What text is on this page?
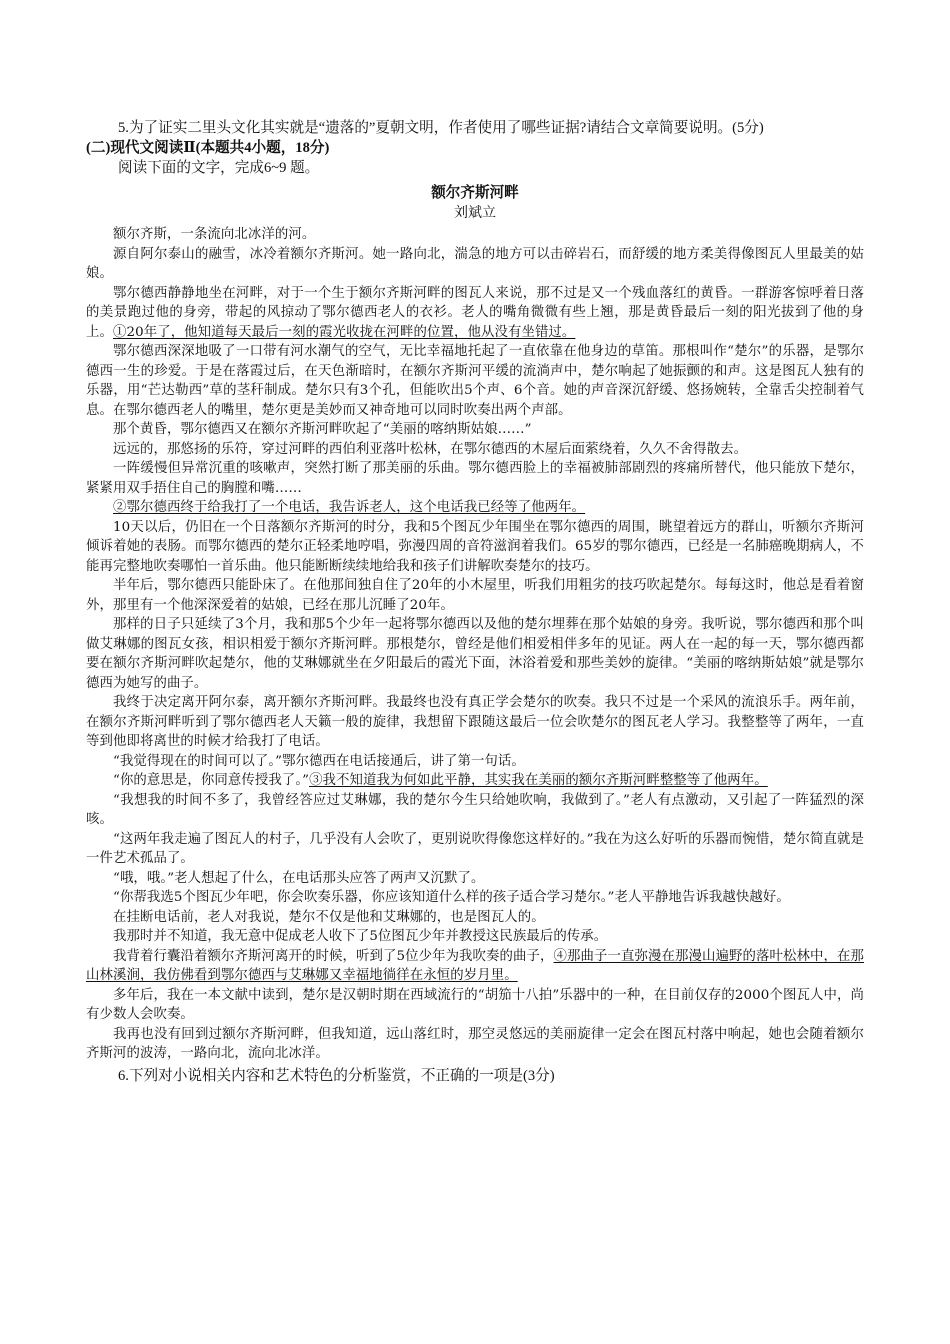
5.为了证实二里头文化其实就是“遗落的”夏朝文明，作者使用了哪些证据?请结合文章简要说明。(5分)

(二)现代文阅读Ⅱ(本题共4小题，18分)

阅读下面的文字，完成6~9 题。

额尔齐斯河畔

刘斌立

额尔齐斯，一条流向北冰洋的河。

源自阿尔泰山的融雪，冰冷着额尔齐斯河。她一路向北，湍急的地方可以击碎岩石，而舒缓的地方柔美得像图瓦人里最美的姑娘。

鄂尔德西静静地坐在河畔，对于一个生于额尔齐斯河畔的图瓦人来说，那不过是又一个残血落红的黄昏。一群游客惊呼着日落的美景跑过他的身旁，带起的风掠动了鄂尔德西老人的衣衫。老人的嘴角微微有些上翘，那是黄昏最后一刻的阳光拔到了他的身上。①20年了，他知道每天最后一刻的霞光收拢在河畔的位置，他从没有坐错过。

鄂尔德西深深地吸了一口带有河水潮气的空气，无比幸福地托起了一直依靠在他身边的草笛。那根叫作“楚尔”的乐器，是鄂尔德西一生的珍爱。于是在落霞过后，在天色渐暗时，在额尔齐斯河平缓的流淌声中，楚尔响起了她振颤的和声。这是图瓦人独有的乐器，用“芒达勒西”草的茎秆制成。楚尔只有3个孔，但能吹出5个声、6个音。她的声音深沉舒缓、悠扬婉转，全靠舌尖控制着气息。在鄂尔德西老人的嘴里，楚尔更是美妙而又神奇地可以同时吹奏出两个声部。

那个黄昏，鄂尔德西又在额尔齐斯河畔吹起了“美丽的喀纳斯姑娘……”

远远的，那悠扬的乐符，穿过河畔的西伯利亚落叶松林，在鄂尔德西的木屋后面萦绕着，久久不舍得散去。

一阵缓慢但异常沉重的咳嗽声，突然打断了那美丽的乐曲。鄂尔德西脸上的幸福被肺部剧烈的疼痛所替代，他只能放下楚尔，紧紧用双手捂住自己的胸膛和嘴……

②鄂尔德西终于给我打了一个电话，我告诉老人，这个电话我已经等了他两年。

10天以后，仍旧在一个日落额尔齐斯河的时分，我和5个图瓦少年围坐在鄂尔德西的周围，眺望着远方的群山，听额尔齐斯河倾诉着她的表肠。而鄂尔德西的楚尔正轻柔地哼唱，弥漫四周的音符滋润着我们。65岁的鄂尔德西，已经是一名肺癌晚期病人，不能再完整地吹奏哪怕一首乐曲。他只能断断续续地给我和孩子们讲解吹奏楚尔的技巧。

半年后，鄂尔德西只能卧床了。在他那间独自住了20年的小木屋里，听我们用粗劣的技巧吹起楚尔。每每这时，他总是看着窗外，那里有一个他深深爱着的姑娘，已经在那儿沉睡了20年。

那样的日子只延续了3个月，我和那5个少年一起将鄂尔德西以及他的楚尔埋葬在那个姑娘的身旁。我听说，鄂尔德西和那个叫做艾琳娜的图瓦女孩，相识相爱于额尔齐斯河畔。那根楚尔，曾经是他们相爱相伴多年的见证。两人在一起的每一天，鄂尔德西都要在额尔齐斯河畔吹起楚尔，他的艾琳娜就坐在夕阳最后的霞光下面，沐浴着爱和那些美妙的旋律。“美丽的喀纳斯姑娘”就是鄂尔德西为她写的曲子。

我终于决定离开阿尔泰，离开额尔齐斯河畔。我最终也没有真正学会楚尔的吹奏。我只不过是一个采风的流浪乐手。两年前，在额尔齐斯河畔听到了鄂尔德西老人天籁一般的旋律，我想留下跟随这最后一位会吹楚尔的图瓦老人学习。我整整等了两年，一直等到他即将离世的时候才给我打了电话。

“我觉得现在的时间可以了。”鄂尔德西在电话接通后，讲了第一句话。

“你的意思是，你同意传授我了。”③我不知道我为何如此平静，其实我在美丽的额尔齐斯河畔整整等了他两年。

“我想我的时间不多了，我曾经答应过艾琳娜，我的楚尔今生只给她吹响，我做到了。”老人有点激动，又引起了一阵猛烈的深咳。

“这两年我走遍了图瓦人的村子，几乎没有人会吹了，更别说吹得像您这样好的。”我在为这么好听的乐器而惋惜，楚尔简直就是一件艺术孤品了。

“哦，哦。”老人想起了什么，在电话那头应答了两声又沉默了。

“你帮我选5个图瓦少年吧，你会吹奏乐器，你应该知道什么样的孩子适合学习楚尔。”老人平静地告诉我越快越好。

在挂断电话前，老人对我说，楚尔不仅是他和艾琳娜的，也是图瓦人的。

我那时并不知道，我无意中促成老人收下了5位图瓦少年并教授这民族最后的传承。

我背着行囊沿着额尔齐斯河离开的时候，听到了5位少年为我吹奏的曲子，④那曲子一直弥漫在那漫山遍野的落叶松林中，在那山林溪涧，我仿佛看到鄂尔德西与艾琳娜又幸福地徜徉在永恒的岁月里。

多年后，我在一本文献中读到，楚尔是汉朝时期在西域流行的“胡笳十八拍”乐器中的一种，在目前仅存的2000个图瓦人中，尚有少数人会吹奏。

我再也没有回到过额尔齐斯河畔，但我知道，远山落红时，那空灵悠远的美丽旋律一定会在图瓦村落中响起，她也会随着额尔齐斯河的波涛，一路向北，流向北冰洋。

6.下列对小说相关内容和艺术特色的分析鉴赏，不正确的一项是(3分)
